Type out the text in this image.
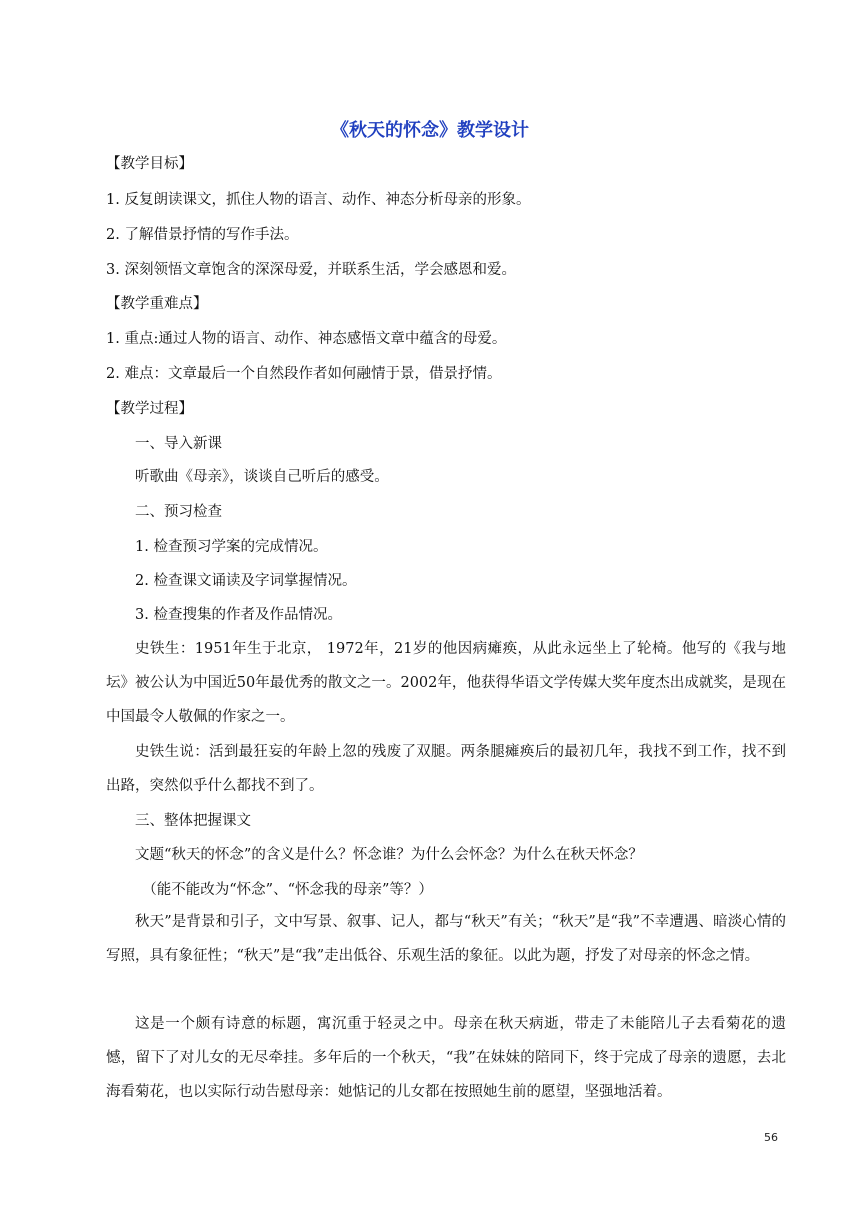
《秋天的怀念》教学设计
【教学目标】
1. 反复朗读课文，抓住人物的语言、动作、神态分析母亲的形象。
2. 了解借景抒情的写作手法。
3. 深刻领悟文章饱含的深深母爱，并联系生活，学会感恩和爱。
【教学重难点】
1. 重点:通过人物的语言、动作、神态感悟文章中蕴含的母爱。
2. 难点：文章最后一个自然段作者如何融情于景，借景抒情。
【教学过程】
一、导入新课
听歌曲《母亲》，谈谈自己听后的感受。
二、预习检查
1. 检查预习学案的完成情况。
2. 检查课文诵读及字词掌握情况。
3. 检查搜集的作者及作品情况。

史铁生：1951年生于北京， 1972年，21岁的他因病瘫痪，从此永远坐上了轮椅。他写的《我与地坛》被公认为中国近50年最优秀的散文之一。2002年，他获得华语文学传媒大奖年度杰出成就奖，是现在中国最令人敬佩的作家之一。

史铁生说：活到最狂妄的年龄上忽的残废了双腿。两条腿瘫痪后的最初几年，我找不到工作，找不到出路，突然似乎什么都找不到了。

三、整体把握课文
文题“秋天的怀念”的含义是什么？怀念谁？为什么会怀念？为什么在秋天怀念？
（能不能改为“怀念”、“怀念我的母亲”等？）

秋天”是背景和引子，文中写景、叙事、记人，都与“秋天”有关；“秋天”是“我”不幸遭遇、暗淡心情的写照，具有象征性；“秋天”是“我”走出低谷、乐观生活的象征。以此为题，抒发了对母亲的怀念之情。

这是一个颇有诗意的标题，寓沉重于轻灵之中。母亲在秋天病逝，带走了未能陪儿子去看菊花的遗憾，留下了对儿女的无尽牵挂。多年后的一个秋天，“我”在妹妹的陪同下，终于完成了母亲的遗愿，去北海看菊花，也以实际行动告慰母亲：她惦记的儿女都在按照她生前的愿望，坚强地活着。

56
